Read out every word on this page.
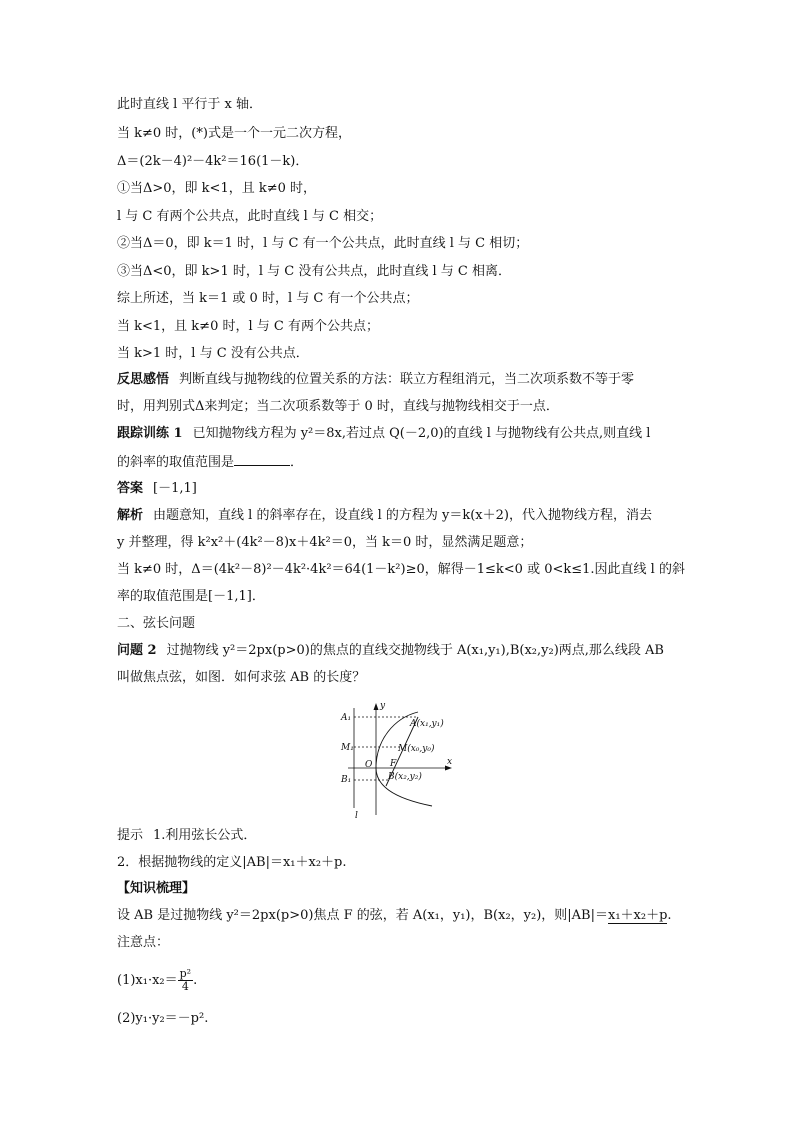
此时直线 l 平行于 x 轴．
当 k≠0 时，(*)式是一个一元二次方程，
Δ＝(2k－4)²－4k²＝16(1－k)．
①当Δ>0，即 k<1，且 k≠0 时，
l 与 C 有两个公共点，此时直线 l 与 C 相交；
②当Δ＝0，即 k＝1 时，l 与 C 有一个公共点，此时直线 l 与 C 相切；
③当Δ<0，即 k>1 时，l 与 C 没有公共点，此时直线 l 与 C 相离．
综上所述，当 k＝1 或 0 时，l 与 C 有一个公共点；
当 k<1，且 k≠0 时，l 与 C 有两个公共点；
当 k>1 时，l 与 C 没有公共点．
反思感悟 判断直线与抛物线的位置关系的方法：联立方程组消元，当二次项系数不等于零
时，用判别式Δ来判定；当二次项系数等于 0 时，直线与抛物线相交于一点．
跟踪训练 1 已知抛物线方程为 y²＝8x,若过点 Q(－2,0)的直线 l 与抛物线有公共点,则直线 l
的斜率的取值范围是	．
答案 [－1,1]
解析 由题意知，直线 l 的斜率存在，设直线 l 的方程为 y＝k(x＋2)，代入抛物线方程，消去
y 并整理，得 k²x²＋(4k²－8)x＋4k²＝0，当 k＝0 时，显然满足题意；
当 k≠0 时，Δ＝(4k²－8)²－4k²·4k²＝64(1－k²)≥0，解得－1≤k<0 或 0<k≤1.因此直线 l 的斜
率的取值范围是[－1,1]．
二、弦长问题
问题 2 过抛物线 y²＝2px(p>0)的焦点的直线交抛物线于 A(x₁,y₁),B(x₂,y₂)两点,那么线段 AB
叫做焦点弦，如图．如何求弦 AB 的长度？
x
y
A₁
M₁
B₁
O F
A(x₁,y₁)
M(x₀,y₀)
B(x₂,y₂)
l
提示 1.利用弦长公式．
2．根据抛物线的定义|AB|＝x₁＋x₂＋p.
【知识梳理】
设 AB 是过抛物线 y²＝2px(p>0)焦点 F 的弦，若 A(x₁，y₁)，B(x₂，y₂)，则|AB|＝x₁＋x₂＋p.
注意点：
$(1)x_1\cdot x_2= \frac{\text{p²}}{4}$ .
(2)y₁·y₂＝－p².
